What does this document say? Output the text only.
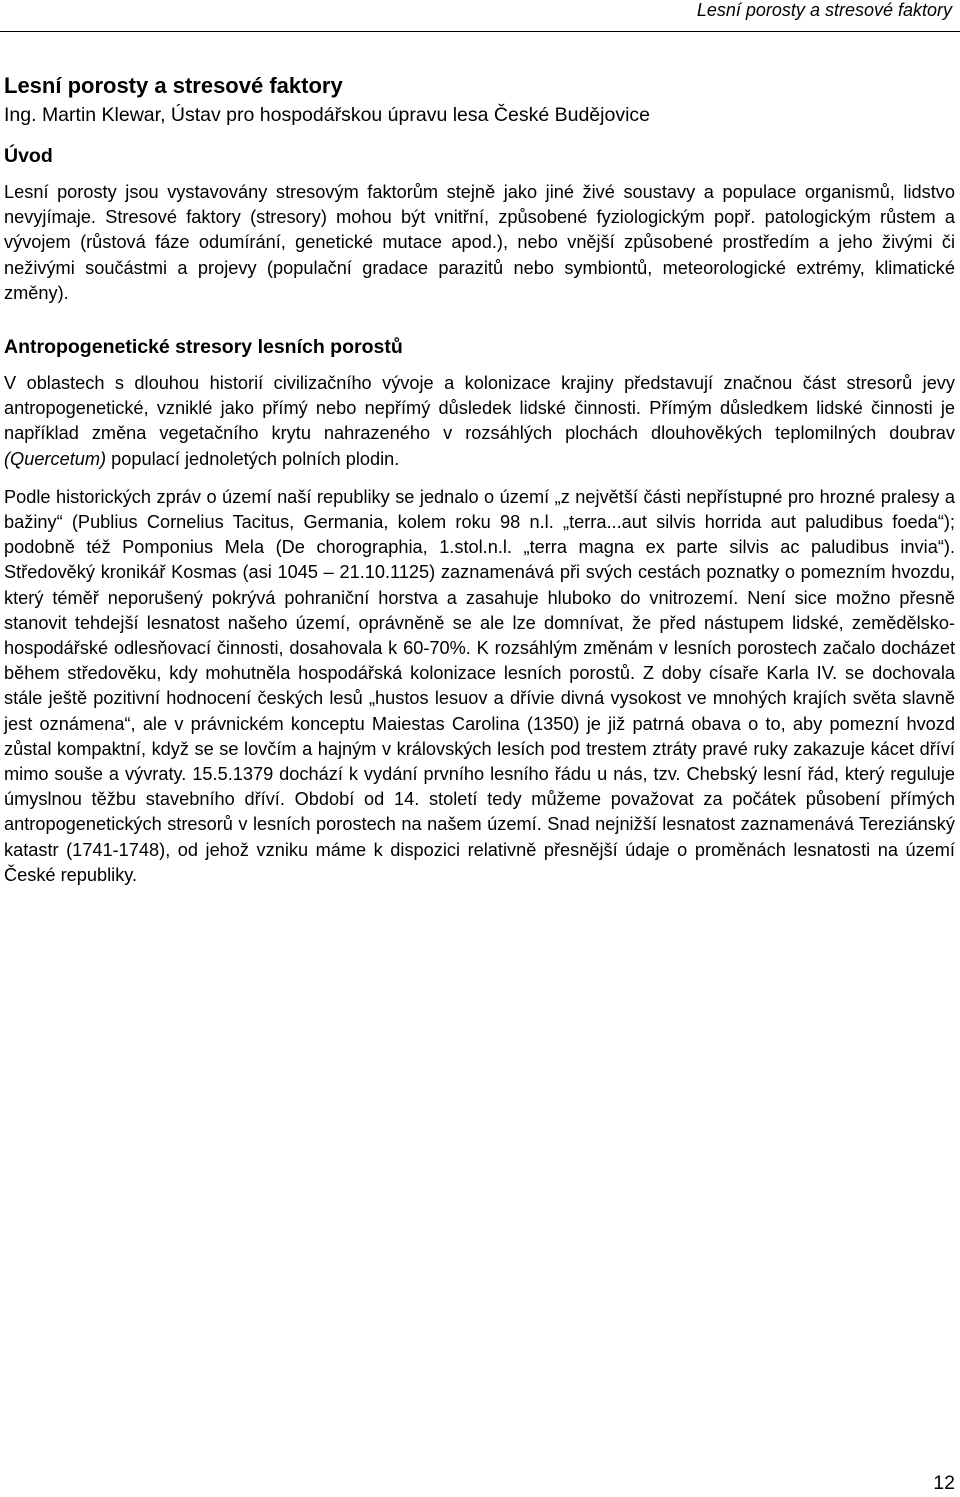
Lesní porosty a stresové faktory
Lesní porosty a stresové faktory
Ing. Martin Klewar, Ústav pro hospodářskou úpravu lesa České Budějovice
Úvod

Lesní porosty jsou vystavovány stresovým faktorům stejně jako jiné živé soustavy a populace organismů, lidstvo nevyjímaje. Stresové faktory (stresory) mohou být vnitřní, způsobené fyziologickým popř. patologickým růstem a vývojem (růstová fáze odumírání, genetické mutace apod.), nebo vnější způsobené prostředím a jeho živými či neživými součástmi a projevy (populační gradace parazitů nebo symbiontů, meteorologické extrémy, klimatické změny).

Antropogenetické stresory lesních porostů

V oblastech s dlouhou historií civilizačního vývoje a kolonizace krajiny představují značnou část stresorů jevy antropogenetické, vzniklé jako přímý nebo nepřímý důsledek lidské činnosti. Přímým důsledkem lidské činnosti je například změna vegetačního krytu nahrazeného v rozsáhlých plochách dlouhověkých teplomilných doubrav (Quercetum) populací jednoletých polních plodin.

Podle historických zpráv o území naší republiky se jednalo o území „z největší části nepřístupné pro hrozné pralesy a bažiny“ (Publius Cornelius Tacitus, Germania, kolem roku 98 n.l. „terra...aut silvis horrida aut paludibus foeda“); podobně též Pomponius Mela (De chorographia, 1.stol.n.l. „terra magna ex parte silvis ac paludibus invia“). Středověký kronikář Kosmas (asi 1045 – 21.10.1125) zaznamenává při svých cestách poznatky o pomezním hvozdu, který téměř neporušený pokrývá pohraniční horstva a zasahuje hluboko do vnitrozemí. Není sice možno přesně stanovit tehdejší lesnatost našeho území, oprávněně se ale lze domnívat, že před nástupem lidské, zemědělsko-hospodářské odlesňovací činnosti, dosahovala k 60-70%. K rozsáhlým změnám v lesních porostech začalo docházet během středověku, kdy mohutněla hospodářská kolonizace lesních porostů. Z doby císaře Karla IV. se dochovala stále ještě pozitivní hodnocení českých lesů „hustos lesuov a dřívie divná vysokost ve mnohých krajích světa slavně jest oznámena“, ale v právnickém konceptu Maiestas Carolina (1350) je již patrná obava o to, aby pomezní hvozd zůstal kompaktní, když se se lovčím a hajným v královských lesích pod trestem ztráty pravé ruky zakazuje kácet dříví mimo souše a vývraty. 15.5.1379 dochází k vydání prvního lesního řádu u nás, tzv. Chebský lesní řád, který reguluje úmyslnou těžbu stavebního dříví. Období od 14. století tedy můžeme považovat za počátek působení přímých antropogenetických stresorů v lesních porostech na našem území. Snad nejnižší lesnatost zaznamenává Tereziánský katastr (1741-1748), od jehož vzniku máme k dispozici relativně přesnější údaje o proměnách lesnatosti na území České republiky.

12
